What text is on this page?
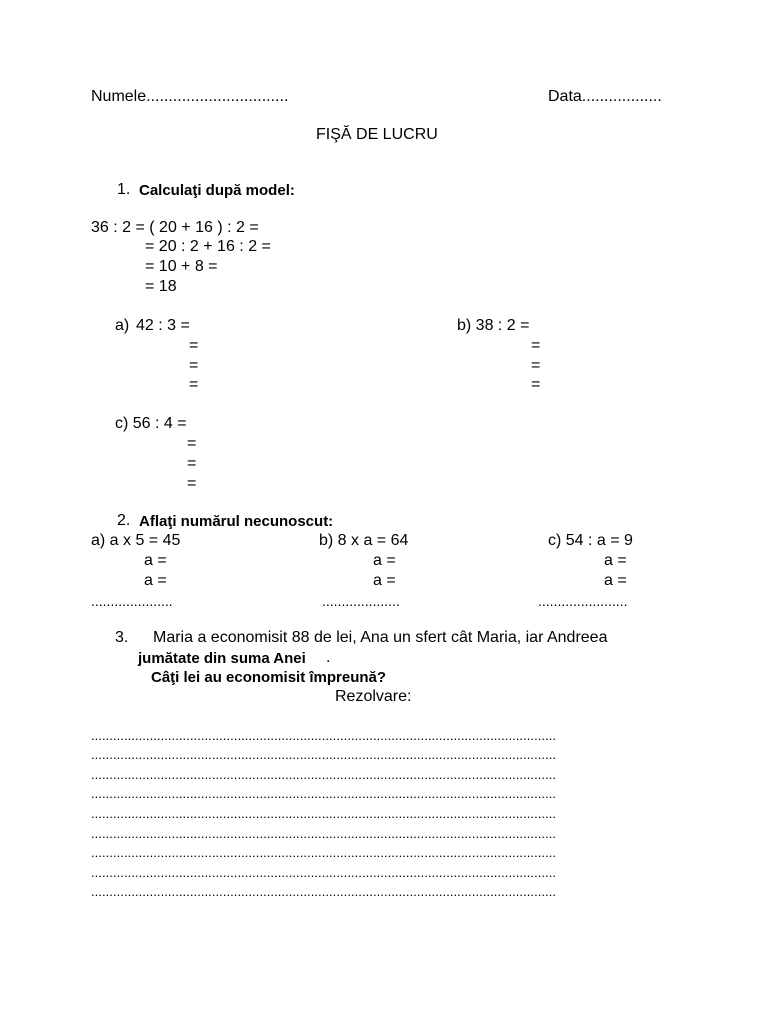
Numele................................	Data..................
FIŞĂ DE LUCRU
1. Calculaţi după model:
36 : 2 = ( 20 + 16 ) : 2 =
= 20 : 2 + 16 : 2 =
= 10 + 8 =
= 18
a) 42 : 3 =
=
=
=
b) 38 : 2 =
=
=
=
c) 56 : 4 =
=
=
=
2. Aflaţi numărul necunoscut:
a) a x 5 = 45
a =
a =
.....................
b) 8 x a = 64
a =
a =
....................
c) 54 : a = 9
a =
a =
.......................
3. Maria a economisit 88 de lei, Ana un sfert cât Maria, iar Andreea
jumătate din suma Anei .
Câţi lei au economisit împreună?
Rezolvare:
...............................................................................................................................
...............................................................................................................................
...............................................................................................................................
...............................................................................................................................
...............................................................................................................................
...............................................................................................................................
...............................................................................................................................
...............................................................................................................................
...............................................................................................................................
